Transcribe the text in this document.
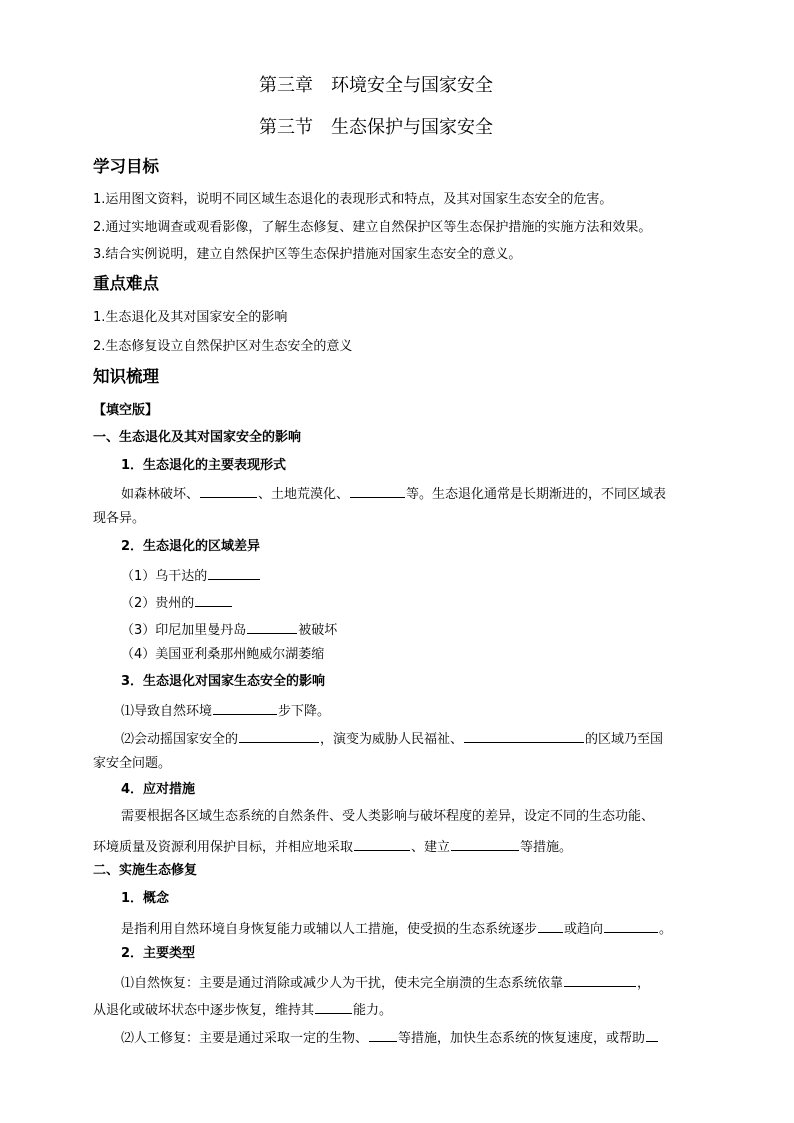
第三章　环境安全与国家安全
第三节　生态保护与国家安全
学习目标
1.运用图文资料，说明不同区域生态退化的表现形式和特点，及其对国家生态安全的危害。
2.通过实地调查或观看影像，了解生态修复、建立自然保护区等生态保护措施的实施方法和效果。
3.结合实例说明，建立自然保护区等生态保护措施对国家生态安全的意义。
重点难点
1.生态退化及其对国家安全的影响
2.生态修复设立自然保护区对生态安全的意义
知识梳理
【填空版】
一、生态退化及其对国家安全的影响
1．生态退化的主要表现形式
如森林破坏、	、土地荒漠化、	等。生态退化通常是长期渐进的，不同区域表
现各异。
2．生态退化的区域差异
（1）乌干达的
（2）贵州的
（3）印尼加里曼丹岛	被破坏
（4）美国亚利桑那州鲍威尔湖萎缩
3．生态退化对国家生态安全的影响
⑴导致自然环境	步下降。
⑵会动摇国家安全的	，演变为威胁人民福祉、	的区域乃至国
家安全问题。
4．应对措施
需要根据各区域生态系统的自然条件、受人类影响与破坏程度的差异，设定不同的生态功能、
环境质量及资源利用保护目标，并相应地采取	、建立	等措施。
二、实施生态修复
1．概念
是指利用自然环境自身恢复能力或辅以人工措施，使受损的生态系统逐步 或趋向	。
2．主要类型
⑴自然恢复：主要是通过消除或减少人为干扰，使未完全崩溃的生态系统依靠	，
从退化或破坏状态中逐步恢复，维持其	能力。
⑵人工修复：主要是通过采取一定的生物、 等措施，加快生态系统的恢复速度，或帮助
